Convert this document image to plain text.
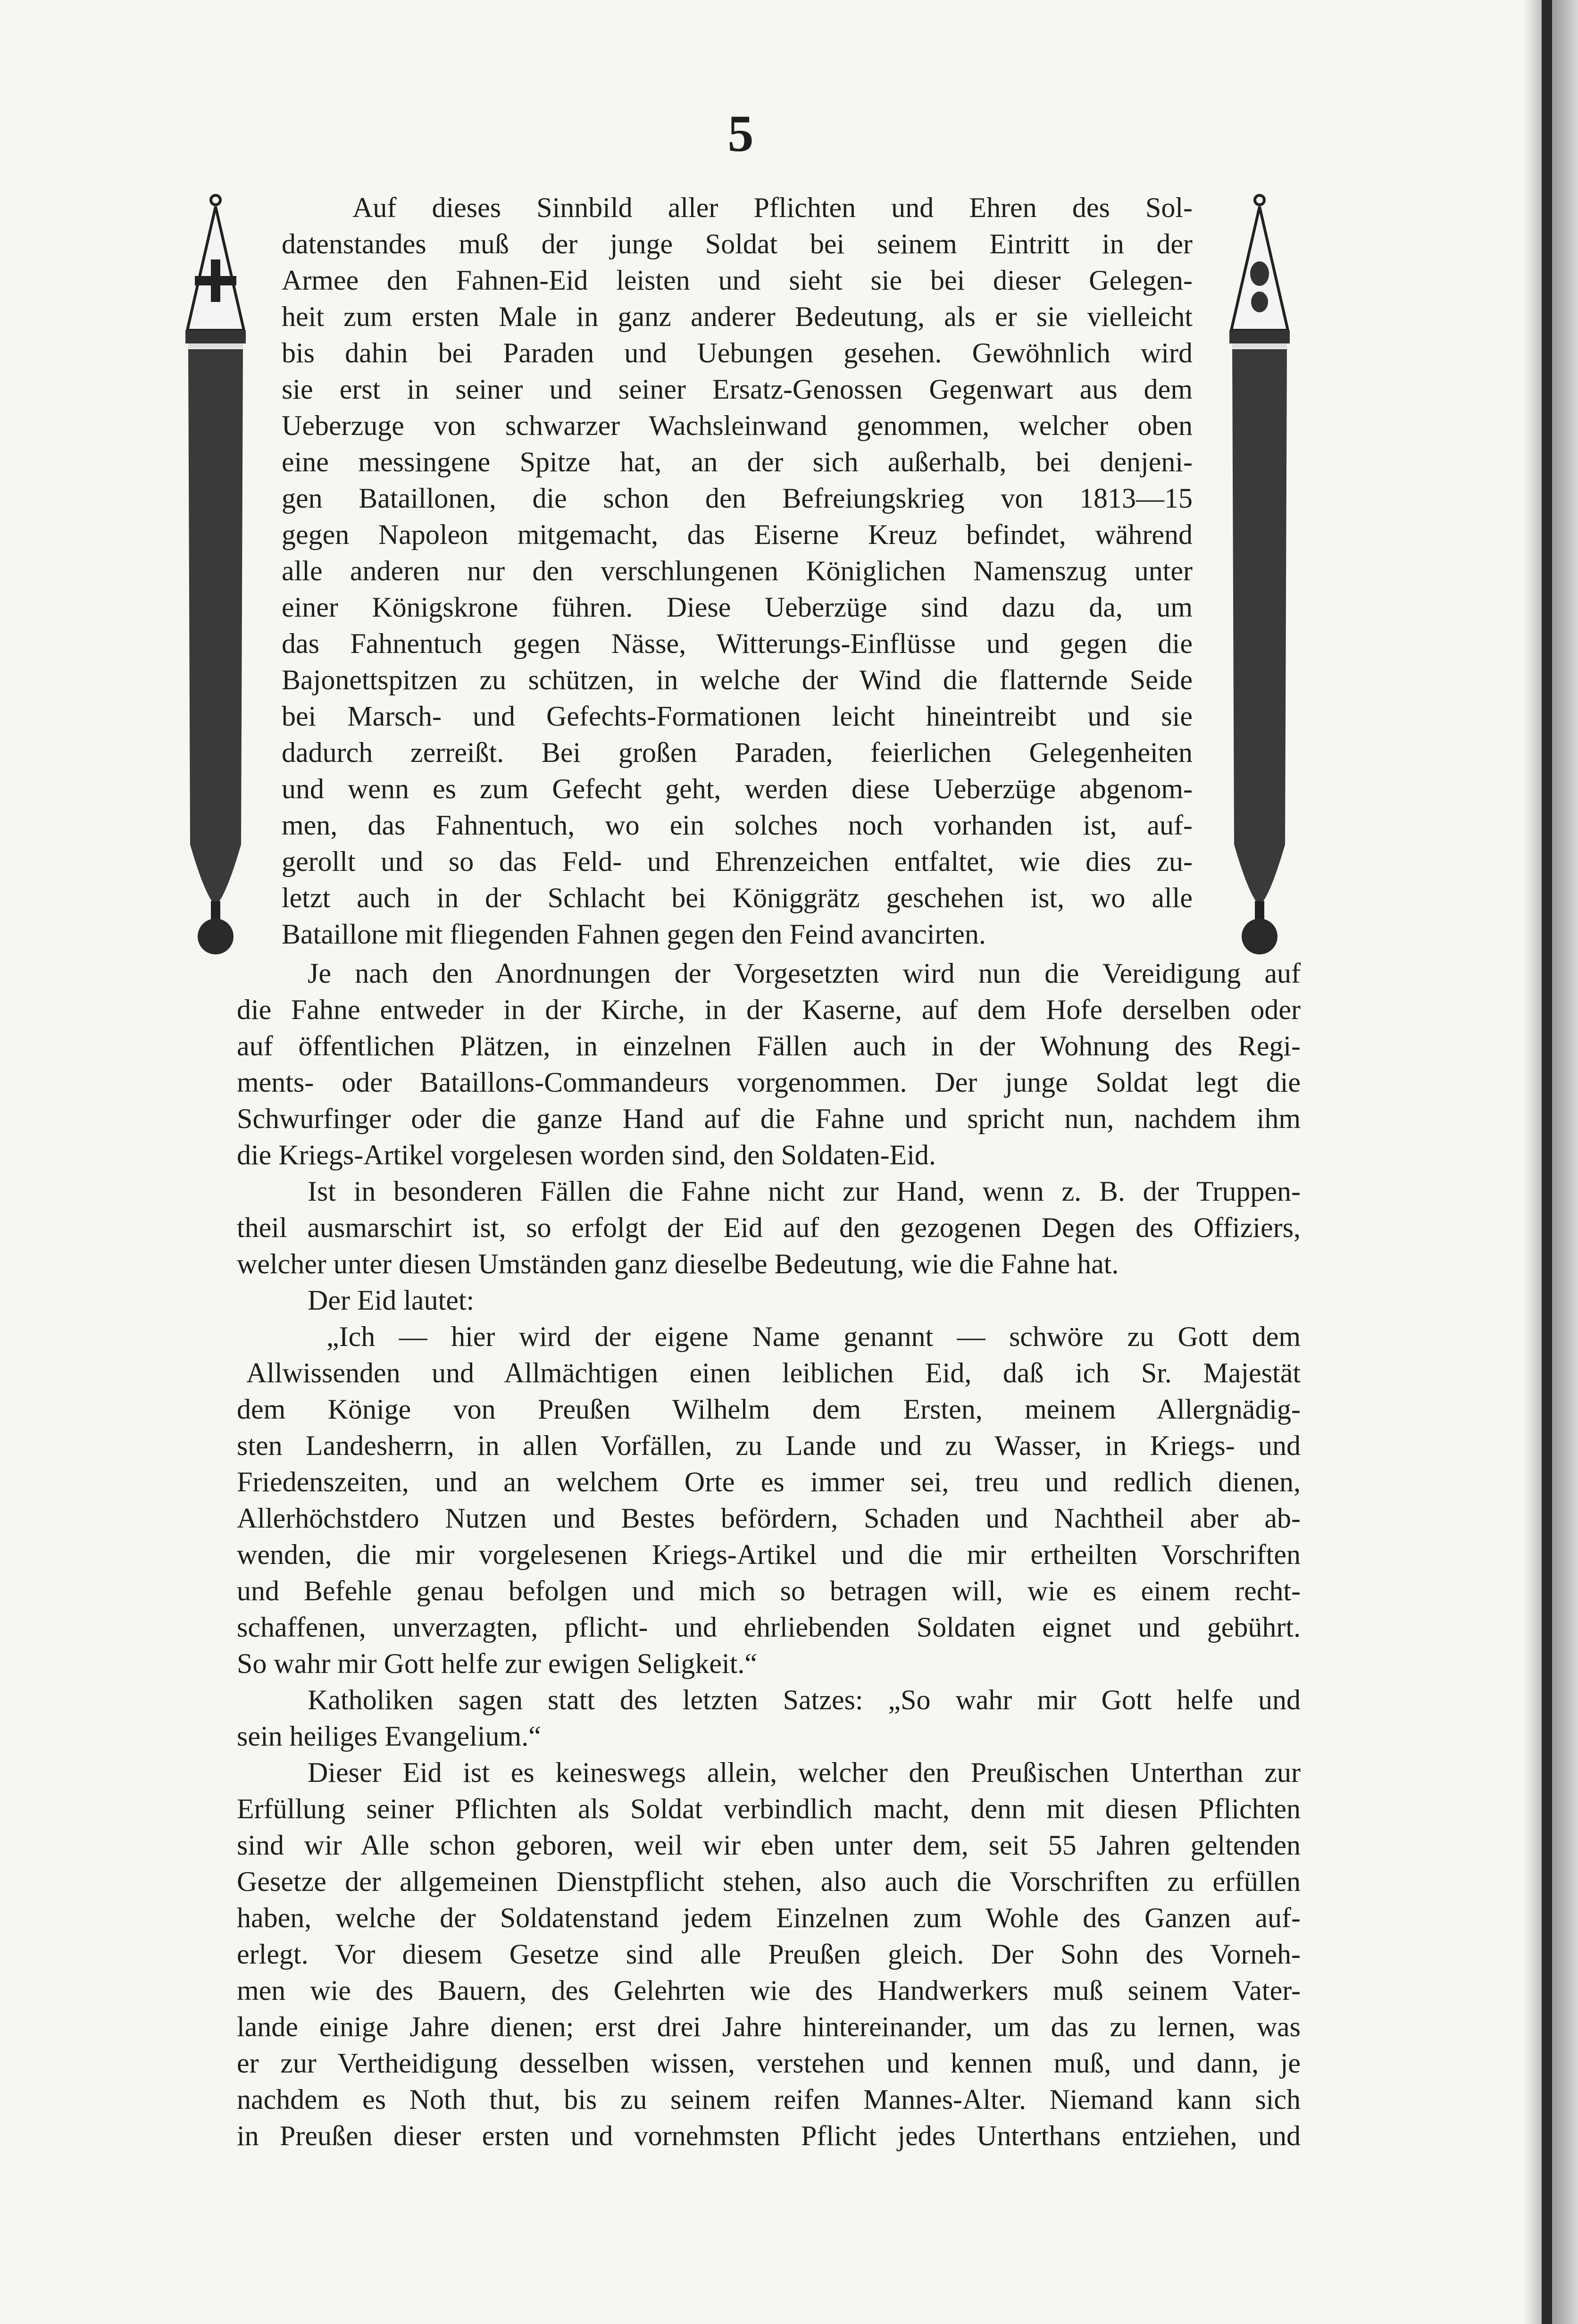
5
Auf dieses Sinnbild aller Pflichten und Ehren des Sol-
datenstandes muß der junge Soldat bei seinem Eintritt in der
Armee den Fahnen-Eid leisten und sieht sie bei dieser Gelegen-
heit zum ersten Male in ganz anderer Bedeutung, als er sie vielleicht
bis dahin bei Paraden und Uebungen gesehen. Gewöhnlich wird
sie erst in seiner und seiner Ersatz-Genossen Gegenwart aus dem
Ueberzuge von schwarzer Wachsleinwand genommen, welcher oben
eine messingene Spitze hat, an der sich außerhalb, bei denjeni-
gen Bataillonen, die schon den Befreiungskrieg von 1813—15
gegen Napoleon mitgemacht, das Eiserne Kreuz befindet, während
alle anderen nur den verschlungenen Königlichen Namenszug unter
einer Königskrone führen. Diese Ueberzüge sind dazu da, um
das Fahnentuch gegen Nässe, Witterungs-Einflüsse und gegen die
Bajonettspitzen zu schützen, in welche der Wind die flatternde Seide
bei Marsch- und Gefechts-Formationen leicht hineintreibt und sie
dadurch zerreißt. Bei großen Paraden, feierlichen Gelegenheiten
und wenn es zum Gefecht geht, werden diese Ueberzüge abgenom-
men, das Fahnentuch, wo ein solches noch vorhanden ist, auf-
gerollt und so das Feld- und Ehrenzeichen entfaltet, wie dies zu-
letzt auch in der Schlacht bei Königgrätz geschehen ist, wo alle
Bataillone mit fliegenden Fahnen gegen den Feind avancirten.
Je nach den Anordnungen der Vorgesetzten wird nun die Vereidigung auf
die Fahne entweder in der Kirche, in der Kaserne, auf dem Hofe derselben oder
auf öffentlichen Plätzen, in einzelnen Fällen auch in der Wohnung des Regi-
ments- oder Bataillons-Commandeurs vorgenommen. Der junge Soldat legt die
Schwurfinger oder die ganze Hand auf die Fahne und spricht nun, nachdem ihm
die Kriegs-Artikel vorgelesen worden sind, den Soldaten-Eid.
Ist in besonderen Fällen die Fahne nicht zur Hand, wenn z. B. der Truppen-
theil ausmarschirt ist, so erfolgt der Eid auf den gezogenen Degen des Offiziers,
welcher unter diesen Umständen ganz dieselbe Bedeutung, wie die Fahne hat.
Der Eid lautet:
„Ich — hier wird der eigene Name genannt — schwöre zu Gott dem
Allwissenden und Allmächtigen einen leiblichen Eid, daß ich Sr. Majestät
dem Könige von Preußen Wilhelm dem Ersten, meinem Allergnädig-
sten Landesherrn, in allen Vorfällen, zu Lande und zu Wasser, in Kriegs- und
Friedenszeiten, und an welchem Orte es immer sei, treu und redlich dienen,
Allerhöchstdero Nutzen und Bestes befördern, Schaden und Nachtheil aber ab-
wenden, die mir vorgelesenen Kriegs-Artikel und die mir ertheilten Vorschriften
und Befehle genau befolgen und mich so betragen will, wie es einem recht-
schaffenen, unverzagten, pflicht- und ehrliebenden Soldaten eignet und gebührt.
So wahr mir Gott helfe zur ewigen Seligkeit.“
Katholiken sagen statt des letzten Satzes: „So wahr mir Gott helfe und
sein heiliges Evangelium.“
Dieser Eid ist es keineswegs allein, welcher den Preußischen Unterthan zur
Erfüllung seiner Pflichten als Soldat verbindlich macht, denn mit diesen Pflichten
sind wir Alle schon geboren, weil wir eben unter dem, seit 55 Jahren geltenden
Gesetze der allgemeinen Dienstpflicht stehen, also auch die Vorschriften zu erfüllen
haben, welche der Soldatenstand jedem Einzelnen zum Wohle des Ganzen auf-
erlegt. Vor diesem Gesetze sind alle Preußen gleich. Der Sohn des Vorneh-
men wie des Bauern, des Gelehrten wie des Handwerkers muß seinem Vater-
lande einige Jahre dienen; erst drei Jahre hintereinander, um das zu lernen, was
er zur Vertheidigung desselben wissen, verstehen und kennen muß, und dann, je
nachdem es Noth thut, bis zu seinem reifen Mannes-Alter. Niemand kann sich
in Preußen dieser ersten und vornehmsten Pflicht jedes Unterthans entziehen, und
